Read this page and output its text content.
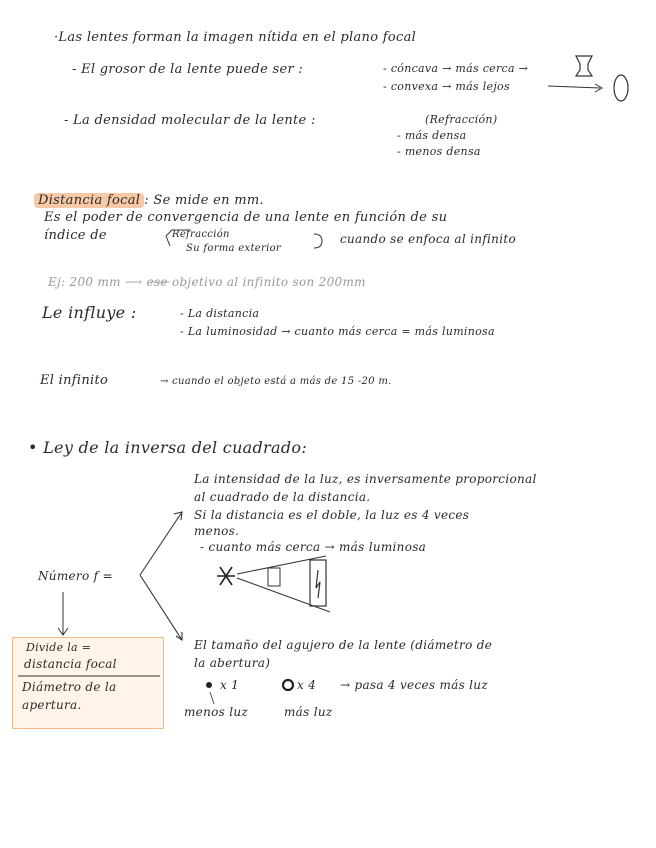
·Las lentes forman la imagen nítida en el plano focal
- El grosor de la lente puede ser :	- cóncava → más cerca →
- convexa → más lejos
- La densidad molecular de la lente :	(Refracción)
- más densa
- menos densa
Distancia focal : Se mide en mm.
Es el poder de convergencia de una lente en función de su
índice de	Refracción
Su forma exterior
cuando se enfoca al infinito
Ej: 200 mm ⟶ ese objetivo al infinito son 200mm
Le influye :	- La distancia
- La luminosidad → cuanto más cerca = más luminosa
El infinito	→ cuando el objeto está a más de 15 -20 m.
• Ley de la inversa del cuadrado:
La intensidad de la luz, es inversamente proporcional
al cuadrado de la distancia.
Si la distancia es el doble, la luz es 4 veces
menos.
- cuanto más cerca → más luminosa
Número f =
Divide la =
distancia focal
Diámetro de la
apertura.
El tamaño del agujero de la lente (diámetro de
la abertura)
x 1	x 4 → pasa 4 veces más luz
menos luz	más luz
